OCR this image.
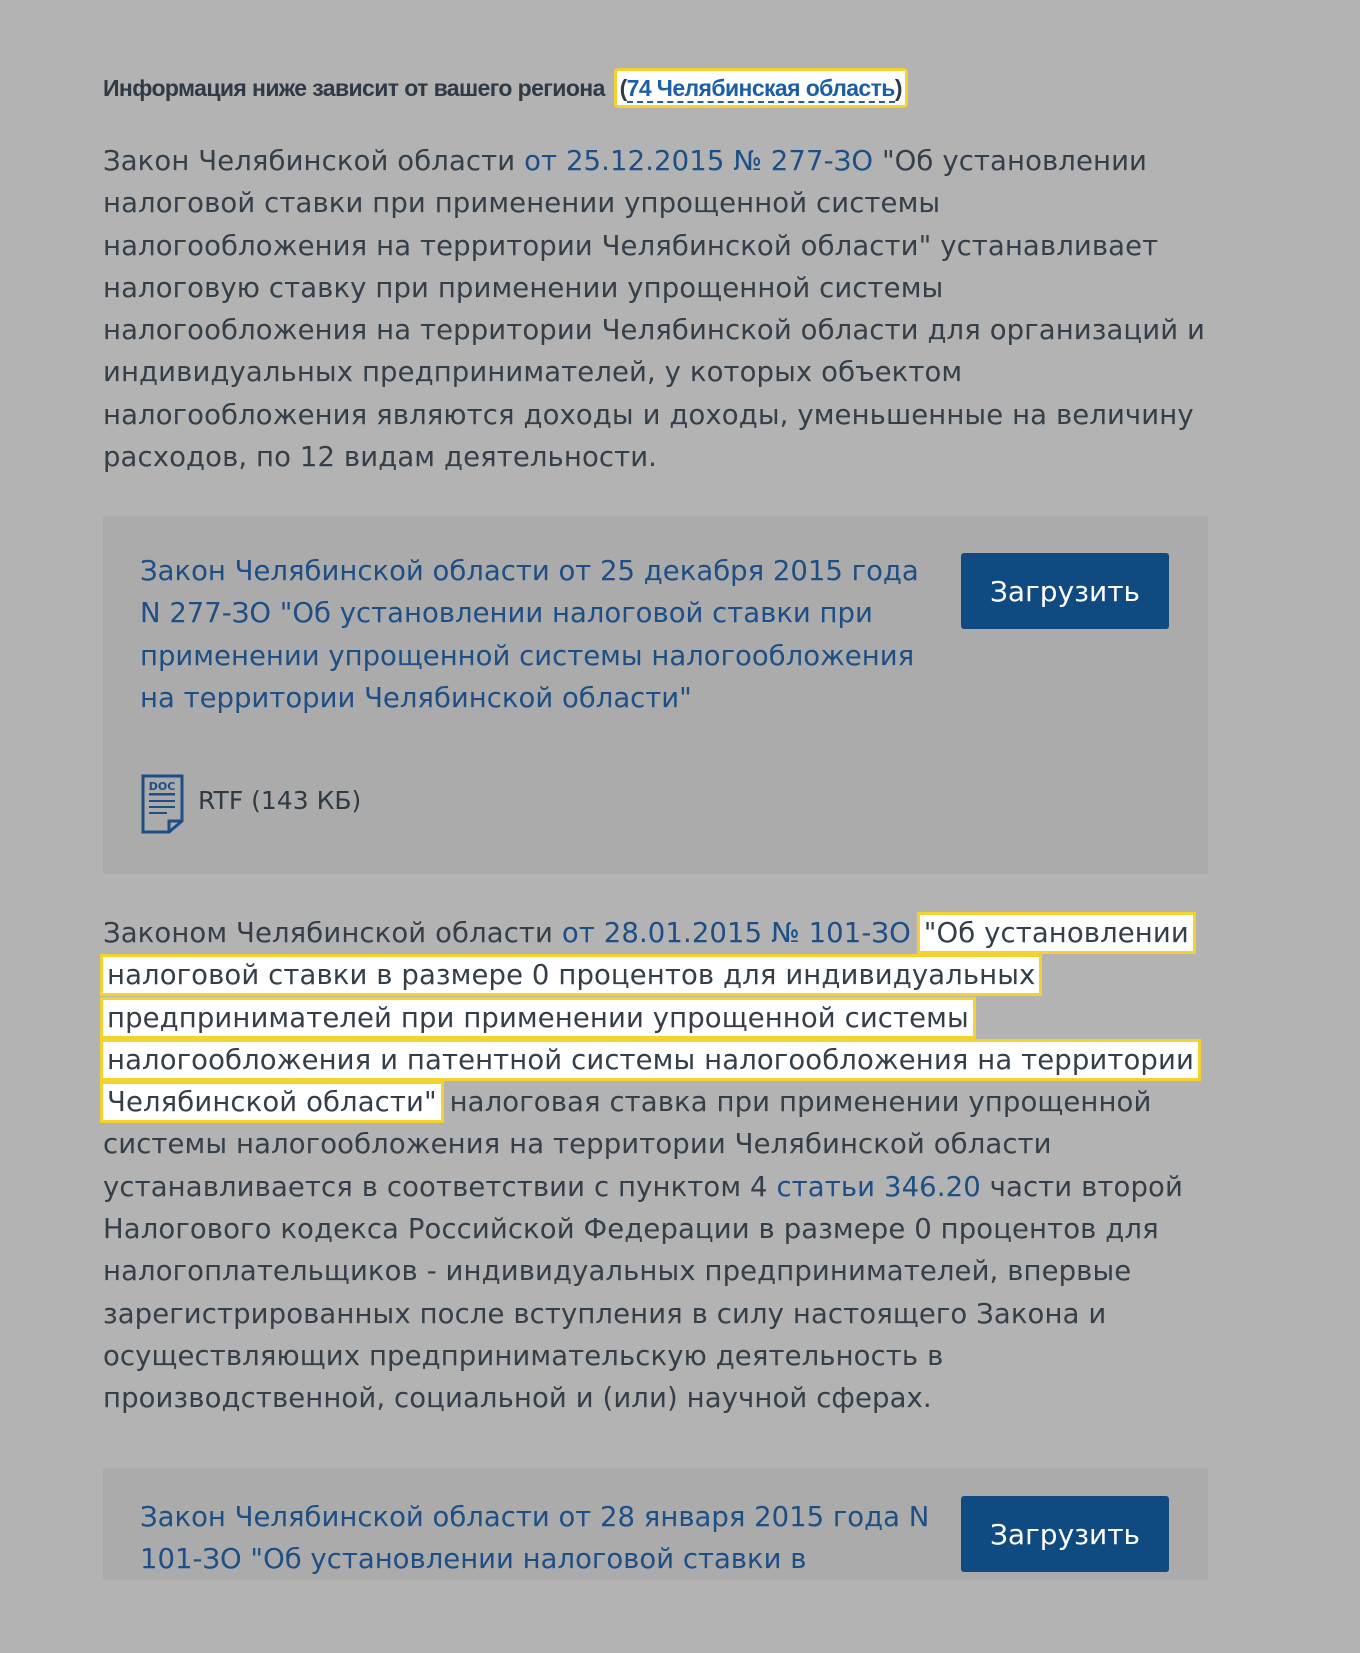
Информация ниже зависит от вашего региона (74 Челябинская область)
Закон Челябинской области от 25.12.2015 № 277-ЗО "Об установлении налоговой ставки при применении упрощенной системы налогообложения на территории Челябинской области" устанавливает налоговую ставку при применении упрощенной системы налогообложения на территории Челябинской области для организаций и индивидуальных предпринимателей, у которых объектом налогообложения являются доходы и доходы, уменьшенные на величину расходов, по 12 видам деятельности.
Закон Челябинской области от 25 декабря 2015 года N 277-ЗО "Об установлении налоговой ставки при применении упрощенной системы налогообложения на территории Челябинской области"
Загрузить
DOC RTF (143 КБ)
Законом Челябинской области от 28.01.2015 № 101-ЗО "Об установлении налоговой ставки в размере 0 процентов для индивидуальных предпринимателей при применении упрощенной системы налогообложения и патентной системы налогообложения на территории Челябинской области" налоговая ставка при применении упрощенной системы налогообложения на территории Челябинской области устанавливается в соответствии с пунктом 4 статьи 346.20 части второй Налогового кодекса Российской Федерации в размере 0 процентов для налогоплательщиков - индивидуальных предпринимателей, впервые зарегистрированных после вступления в силу настоящего Закона и осуществляющих предпринимательскую деятельность в производственной, социальной и (или) научной сферах.
Закон Челябинской области от 28 января 2015 года N 101-ЗО "Об установлении налоговой ставки в
Загрузить
